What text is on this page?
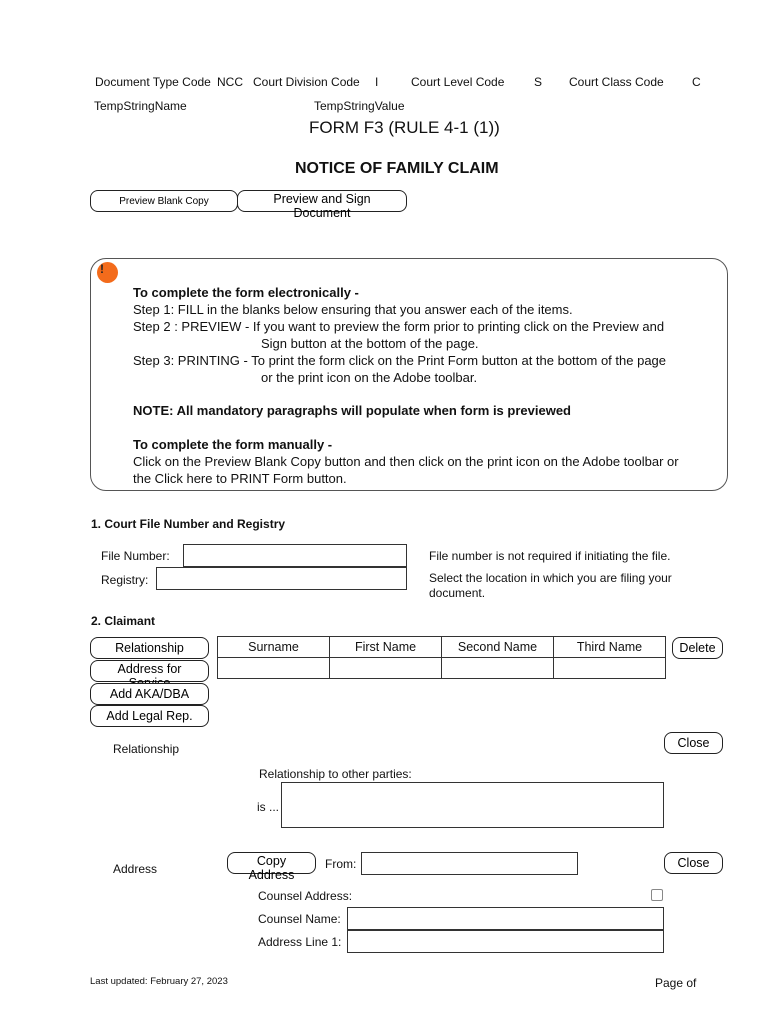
Document Type Code NCC Court Division Code I	Court Level Code S Court Class Code C
TempStringName	TempStringValue
FORM F3 (RULE 4-1 (1))
NOTICE OF FAMILY CLAIM
Preview Blank Copy	Preview and Sign Document
!
To complete the form electronically -
Step 1: FILL in the blanks below ensuring that you answer each of the items.
Step 2 : PREVIEW - If you want to preview the form prior to printing click on the Preview and
Sign button at the bottom of the page.
Step 3: PRINTING - To print the form click on the Print Form button at the bottom of the page
or the print icon on the Adobe toolbar.
NOTE: All mandatory paragraphs will populate when form is previewed
To complete the form manually -
Click on the Preview Blank Copy button and then click on the print icon on the Adobe toolbar or
the Click here to PRINT Form button.
1. Court File Number and Registry
File Number:
Registry:
File number is not required if initiating the file.
Select the location in which you are filing your
document.
2. Claimant
Relationship
Address for
Add AKA/DBA
Add Legal Rep.
Surname	First Name	Second Name	Third Name
				Delete
Relationship	Close
Relationship to other parties:
is ...
Address
Copy Address
From:	Close
Counsel Address:
Counsel Name:
Address Line 1:
Last updated: February 27, 2023	Page of
